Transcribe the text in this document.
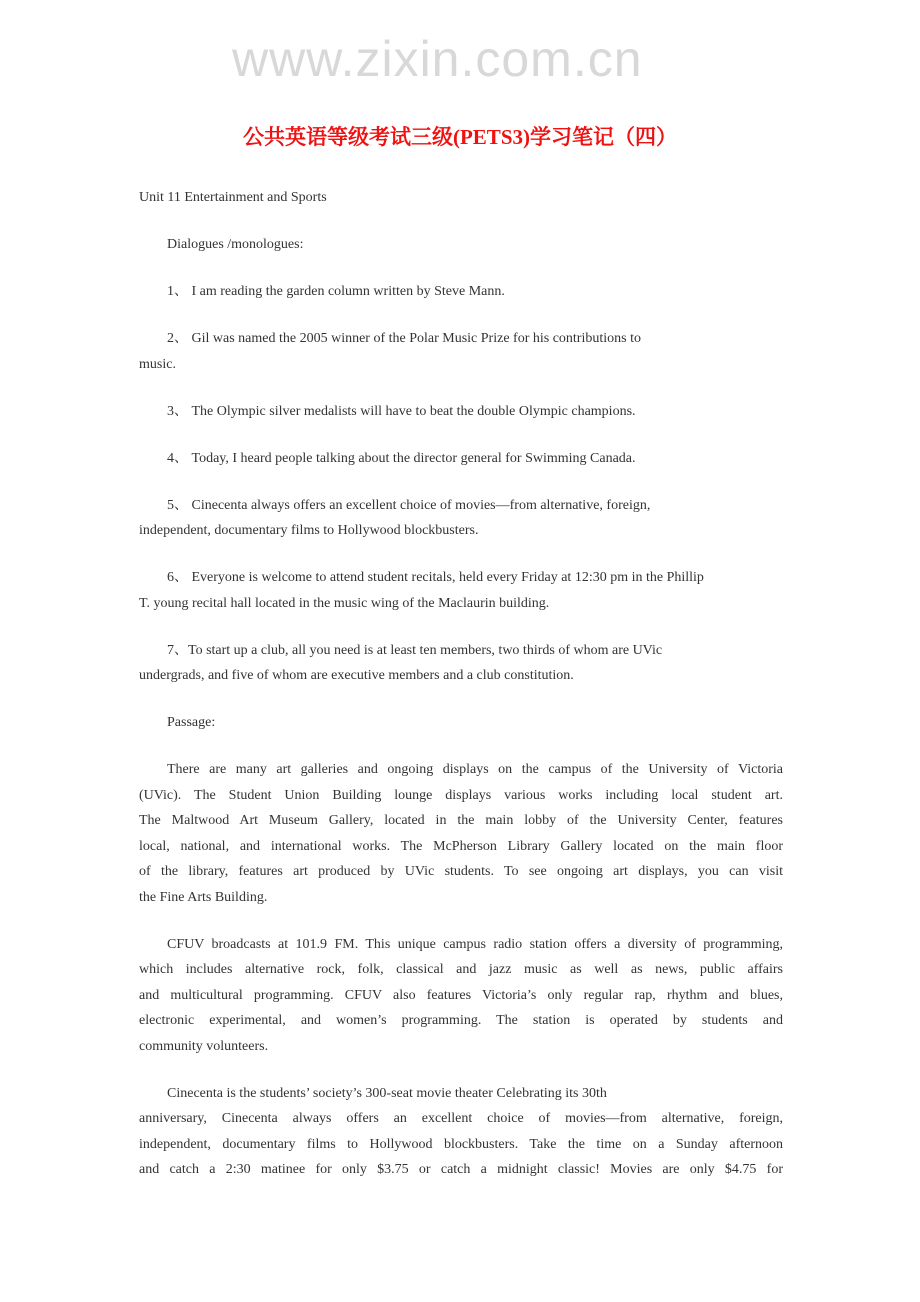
公共英语等级考试三级(PETS3)学习笔记（四）
www.zixin.com.cn
Unit 11 Entertainment and Sports
Dialogues /monologues:
1、 I am reading the garden column written by Steve Mann.
2、 Gil was named the 2005 winner of the Polar Music Prize for his contributions to
music.
3、 The Olympic silver medalists will have to beat the double Olympic champions.
4、 Today, I heard people talking about the director general for Swimming Canada.
5、 Cinecenta always offers an excellent choice of movies—from alternative, foreign,
independent, documentary films to Hollywood blockbusters.
6、 Everyone is welcome to attend student recitals, held every Friday at 12:30 pm in the Phillip
T. young recital hall located in the music wing of the Maclaurin building.
7、To start up a club, all you need is at least ten members, two thirds of whom are UVic
undergrads, and five of whom are executive members and a club constitution.
Passage:
There are many art galleries and ongoing displays on the campus of the University of Victoria
(UVic). The Student Union Building lounge displays various works including local student art.
The Maltwood Art Museum Gallery, located in the main lobby of the University Center, features
local, national, and international works. The McPherson Library Gallery located on the main floor
of the library, features art produced by UVic students. To see ongoing art displays, you can visit
the Fine Arts Building.
CFUV broadcasts at 101.9 FM. This unique campus radio station offers a diversity of programming,
which includes alternative rock, folk, classical and jazz music as well as news, public affairs
and multicultural programming. CFUV also features Victoria’s only regular rap, rhythm and blues,
electronic experimental, and women’s programming. The station is operated by students and
community volunteers.
Cinecenta is the students’ society’s 300-seat movie theater Celebrating its 30th
anniversary, Cinecenta always offers an excellent choice of movies—from alternative, foreign,
independent, documentary films to Hollywood blockbusters. Take the time on a Sunday afternoon
and catch a 2:30 matinee for only $3.75 or catch a midnight classic! Movies are only $4.75 for
